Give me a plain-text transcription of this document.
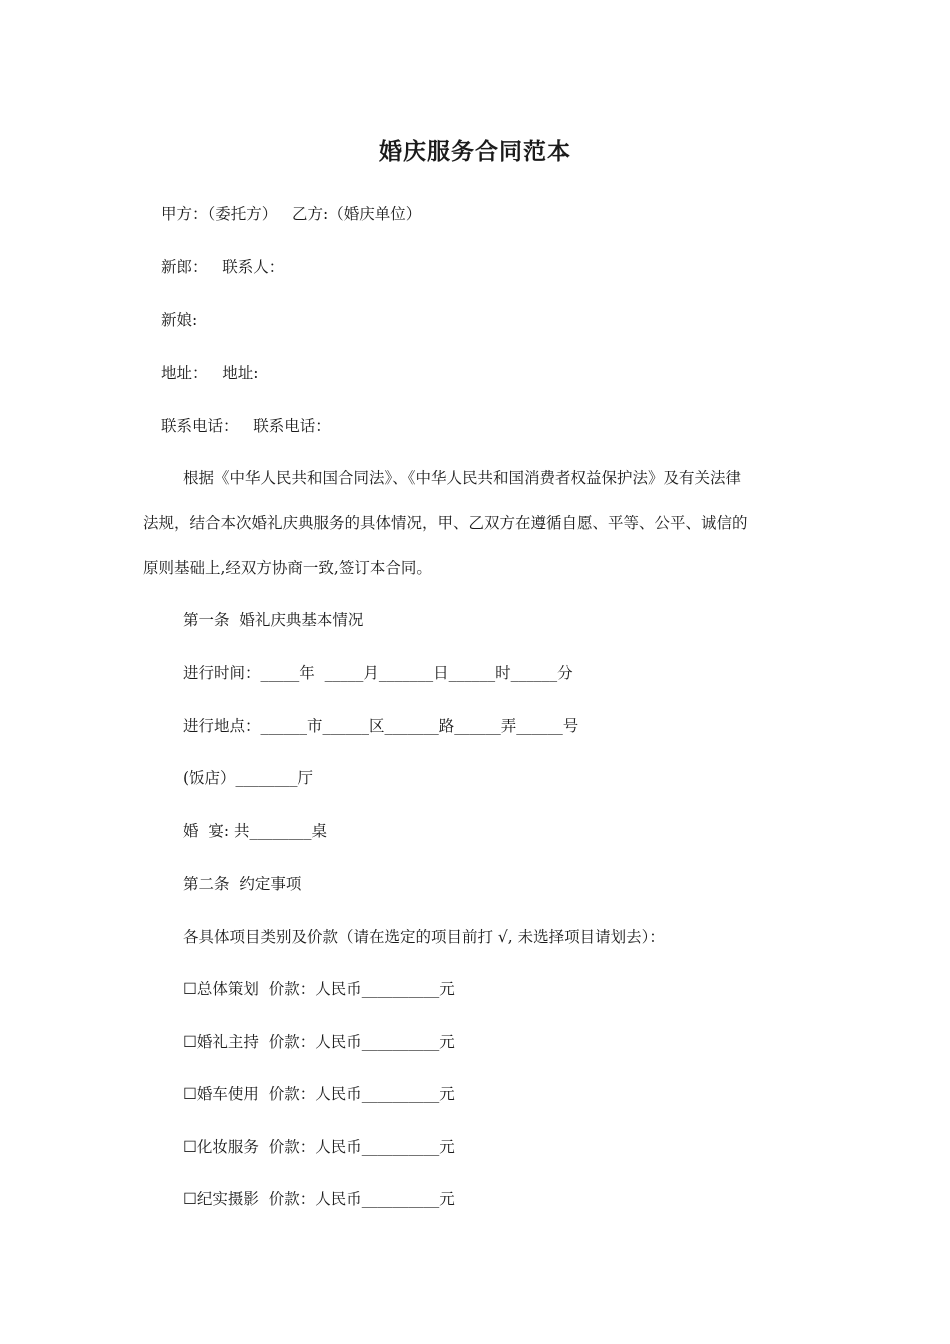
婚庆服务合同范本
甲方：（委托方）   乙方:（婚庆单位）
新郎：   联系人：
新娘:
地址：   地址:
联系电话：   联系电话：
根据《中华人民共和国合同法》、《中华人民共和国消费者权益保护法》及有关法律
法规，结合本次婚礼庆典服务的具体情况，甲、乙双方在遵循自愿、平等、公平、诚信的
原则基础上,经双方协商一致,签订本合同。
第一条  婚礼庆典基本情况
进行时间：_____年  _____月_______日______时______分
进行地点：______市______区_______路______弄______号
(饭店）________厅
婚  宴: 共________桌
第二条  约定事项
各具体项目类别及价款（请在选定的项目前打 √, 未选择项目请划去）：
☐总体策划  价款：人民币__________元
☐婚礼主持  价款：人民币__________元
☐婚车使用  价款：人民币__________元
☐化妆服务  价款：人民币__________元
☐纪实摄影  价款：人民币__________元
